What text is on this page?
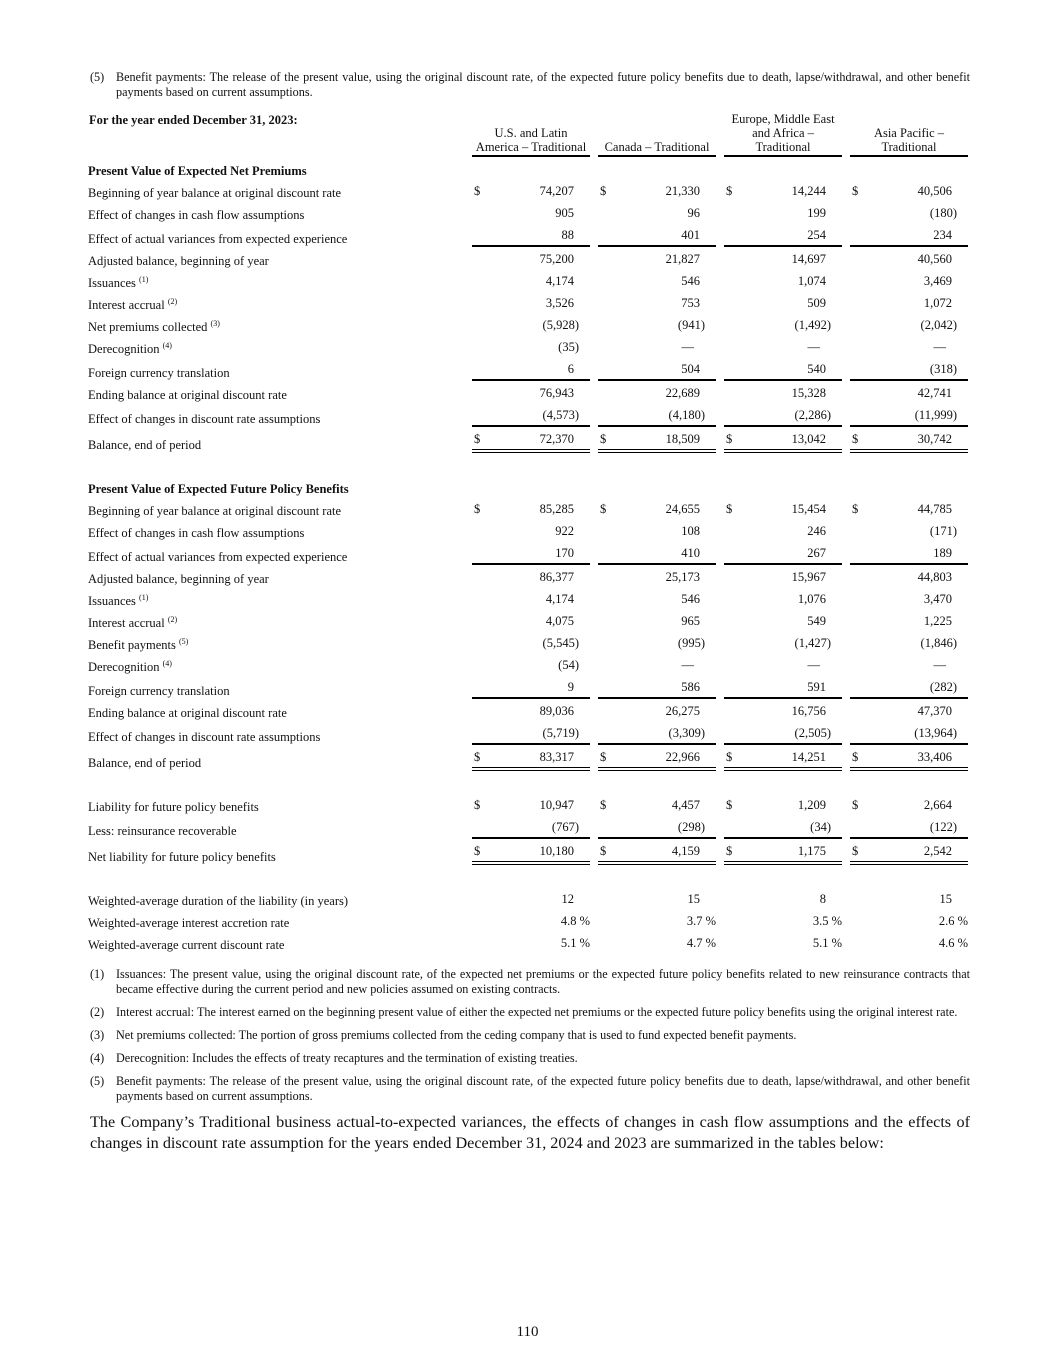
(5) Benefit payments: The release of the present value, using the original discount rate, of the expected future policy benefits due to death, lapse/withdrawal, and other benefit payments based on current assumptions.
For the year ended December 31, 2023:	U.S. and Latin America – Traditional		Canada – Traditional		Europe, Middle East and Africa – Traditional		Asia Pacific – Traditional
Present Value of Expected Net Premiums							
Beginning of year balance at original discount rate	$ 74,207		$ 21,330		$ 14,244		$ 40,506

Effect of changes in cash flow assumptions	905		96		199		(180)

Effect of actual variances from expected experience	88		401		254		234

Adjusted balance, beginning of year	75,200		21,827		14,697		40,560

Issuances $^{(1)}$	4,174		546		1,074		3,469

Interest accrual $^{(2)}$	3,526		753		509		1,072

Net premiums collected $^{(3)}$	(5,928)		(941)		(1,492)		(2,042)

Derecognition $^{(4)}$	(35)		—		—		—

Foreign currency translation	6		504		540		(318)

Ending balance at original discount rate	76,943		22,689		15,328		42,741

Effect of changes in discount rate assumptions	(4,573)		(4,180)		(2,286)		(11,999)

Balance, end of period	$ 72,370		$ 18,509		$ 13,042		$ 30,742

Present Value of Expected Future Policy Benefits							
Beginning of year balance at original discount rate	$ 85,285		$ 24,655		$ 15,454		$ 44,785

Effect of changes in cash flow assumptions	922		108		246		(171)

Effect of actual variances from expected experience	170		410		267		189

Adjusted balance, beginning of year	86,377		25,173		15,967		44,803

Issuances $^{(1)}$	4,174		546		1,076		3,470

Interest accrual $^{(2)}$	4,075		965		549		1,225

Benefit payments $^{(5)}$	(5,545)		(995)		(1,427)		(1,846)

Derecognition $^{(4)}$	(54)		—		—		—

Foreign currency translation	9		586		591		(282)

Ending balance at original discount rate	89,036		26,275		16,756		47,370

Effect of changes in discount rate assumptions	(5,719)		(3,309)		(2,505)		(13,964)

Balance, end of period	$ 83,317		$ 22,966		$ 14,251		$ 33,406

Liability for future policy benefits	$ 10,947		$ 4,457		$ 1,209		$ 2,664

Less: reinsurance recoverable	(767)		(298)		(34)		(122)

Net liability for future policy benefits	$ 10,180		$ 4,159		$ 1,175		$ 2,542

Weighted-average duration of the liability (in years)	12		15		8		15

Weighted-average interest accretion rate	4.8 %		3.7 %		3.5 %		2.6 %

Weighted-average current discount rate	5.1 %		4.7 %		5.1 %		4.6 %
(1) Issuances: The present value, using the original discount rate, of the expected net premiums or the expected future policy benefits related to new reinsurance contracts that became effective during the current period and new policies assumed on existing contracts.
(2) Interest accrual: The interest earned on the beginning present value of either the expected net premiums or the expected future policy benefits using the original interest rate.
(3) Net premiums collected: The portion of gross premiums collected from the ceding company that is used to fund expected benefit payments.
(4) Derecognition: Includes the effects of treaty recaptures and the termination of existing treaties.
(5) Benefit payments: The release of the present value, using the original discount rate, of the expected future policy benefits due to death, lapse/withdrawal, and other benefit payments based on current assumptions.
The Company’s Traditional business actual-to-expected variances, the effects of changes in cash flow assumptions and the effects of changes in discount rate assumption for the years ended December 31, 2024 and 2023 are summarized in the tables below:
110
